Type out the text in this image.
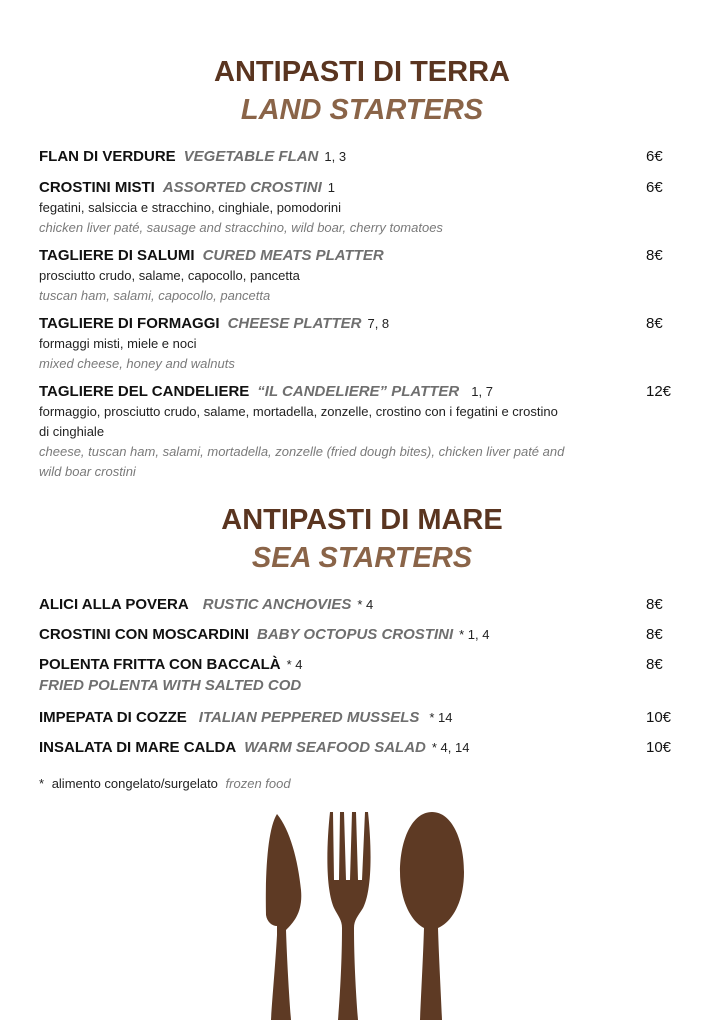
ANTIPASTI DI TERRA
LAND STARTERS
FLAN DI VERDURE VEGETABLE FLAN 1, 3	6€
CROSTINI MISTI ASSORTED CROSTINI 1	6€
fegatini, salsiccia e stracchino, cinghiale, pomodorini
chicken liver paté, sausage and stracchino, wild boar, cherry tomatoes
TAGLIERE DI SALUMI CURED MEATS PLATTER	8€
prosciutto crudo, salame, capocollo, pancetta
tuscan ham, salami, capocollo, pancetta
TAGLIERE DI FORMAGGI CHEESE PLATTER 7, 8	8€
formaggi misti, miele e noci
mixed cheese, honey and walnuts
TAGLIERE DEL CANDELIERE “IL CANDELIERE” PLATTER 1, 7	12€
formaggio, prosciutto crudo, salame, mortadella, zonzelle, crostino con i fegatini e crostino di cinghiale
cheese, tuscan ham, salami, mortadella, zonzelle (fried dough bites), chicken liver paté and wild boar crostini
ANTIPASTI DI MARE
SEA STARTERS
ALICI ALLA POVERA RUSTIC ANCHOVIES * 4	8€
CROSTINI CON MOSCARDINI BABY OCTOPUS CROSTINI * 1, 4	8€
POLENTA FRITTA CON BACCALÀ * 4	8€
FRIED POLENTA WITH SALTED COD
IMPEPATA DI COZZE ITALIAN PEPPERED MUSSELS * 14	10€
INSALATA DI MARE CALDA WARM SEAFOOD SALAD * 4, 14	10€
* alimento congelato/surgelato frozen food
